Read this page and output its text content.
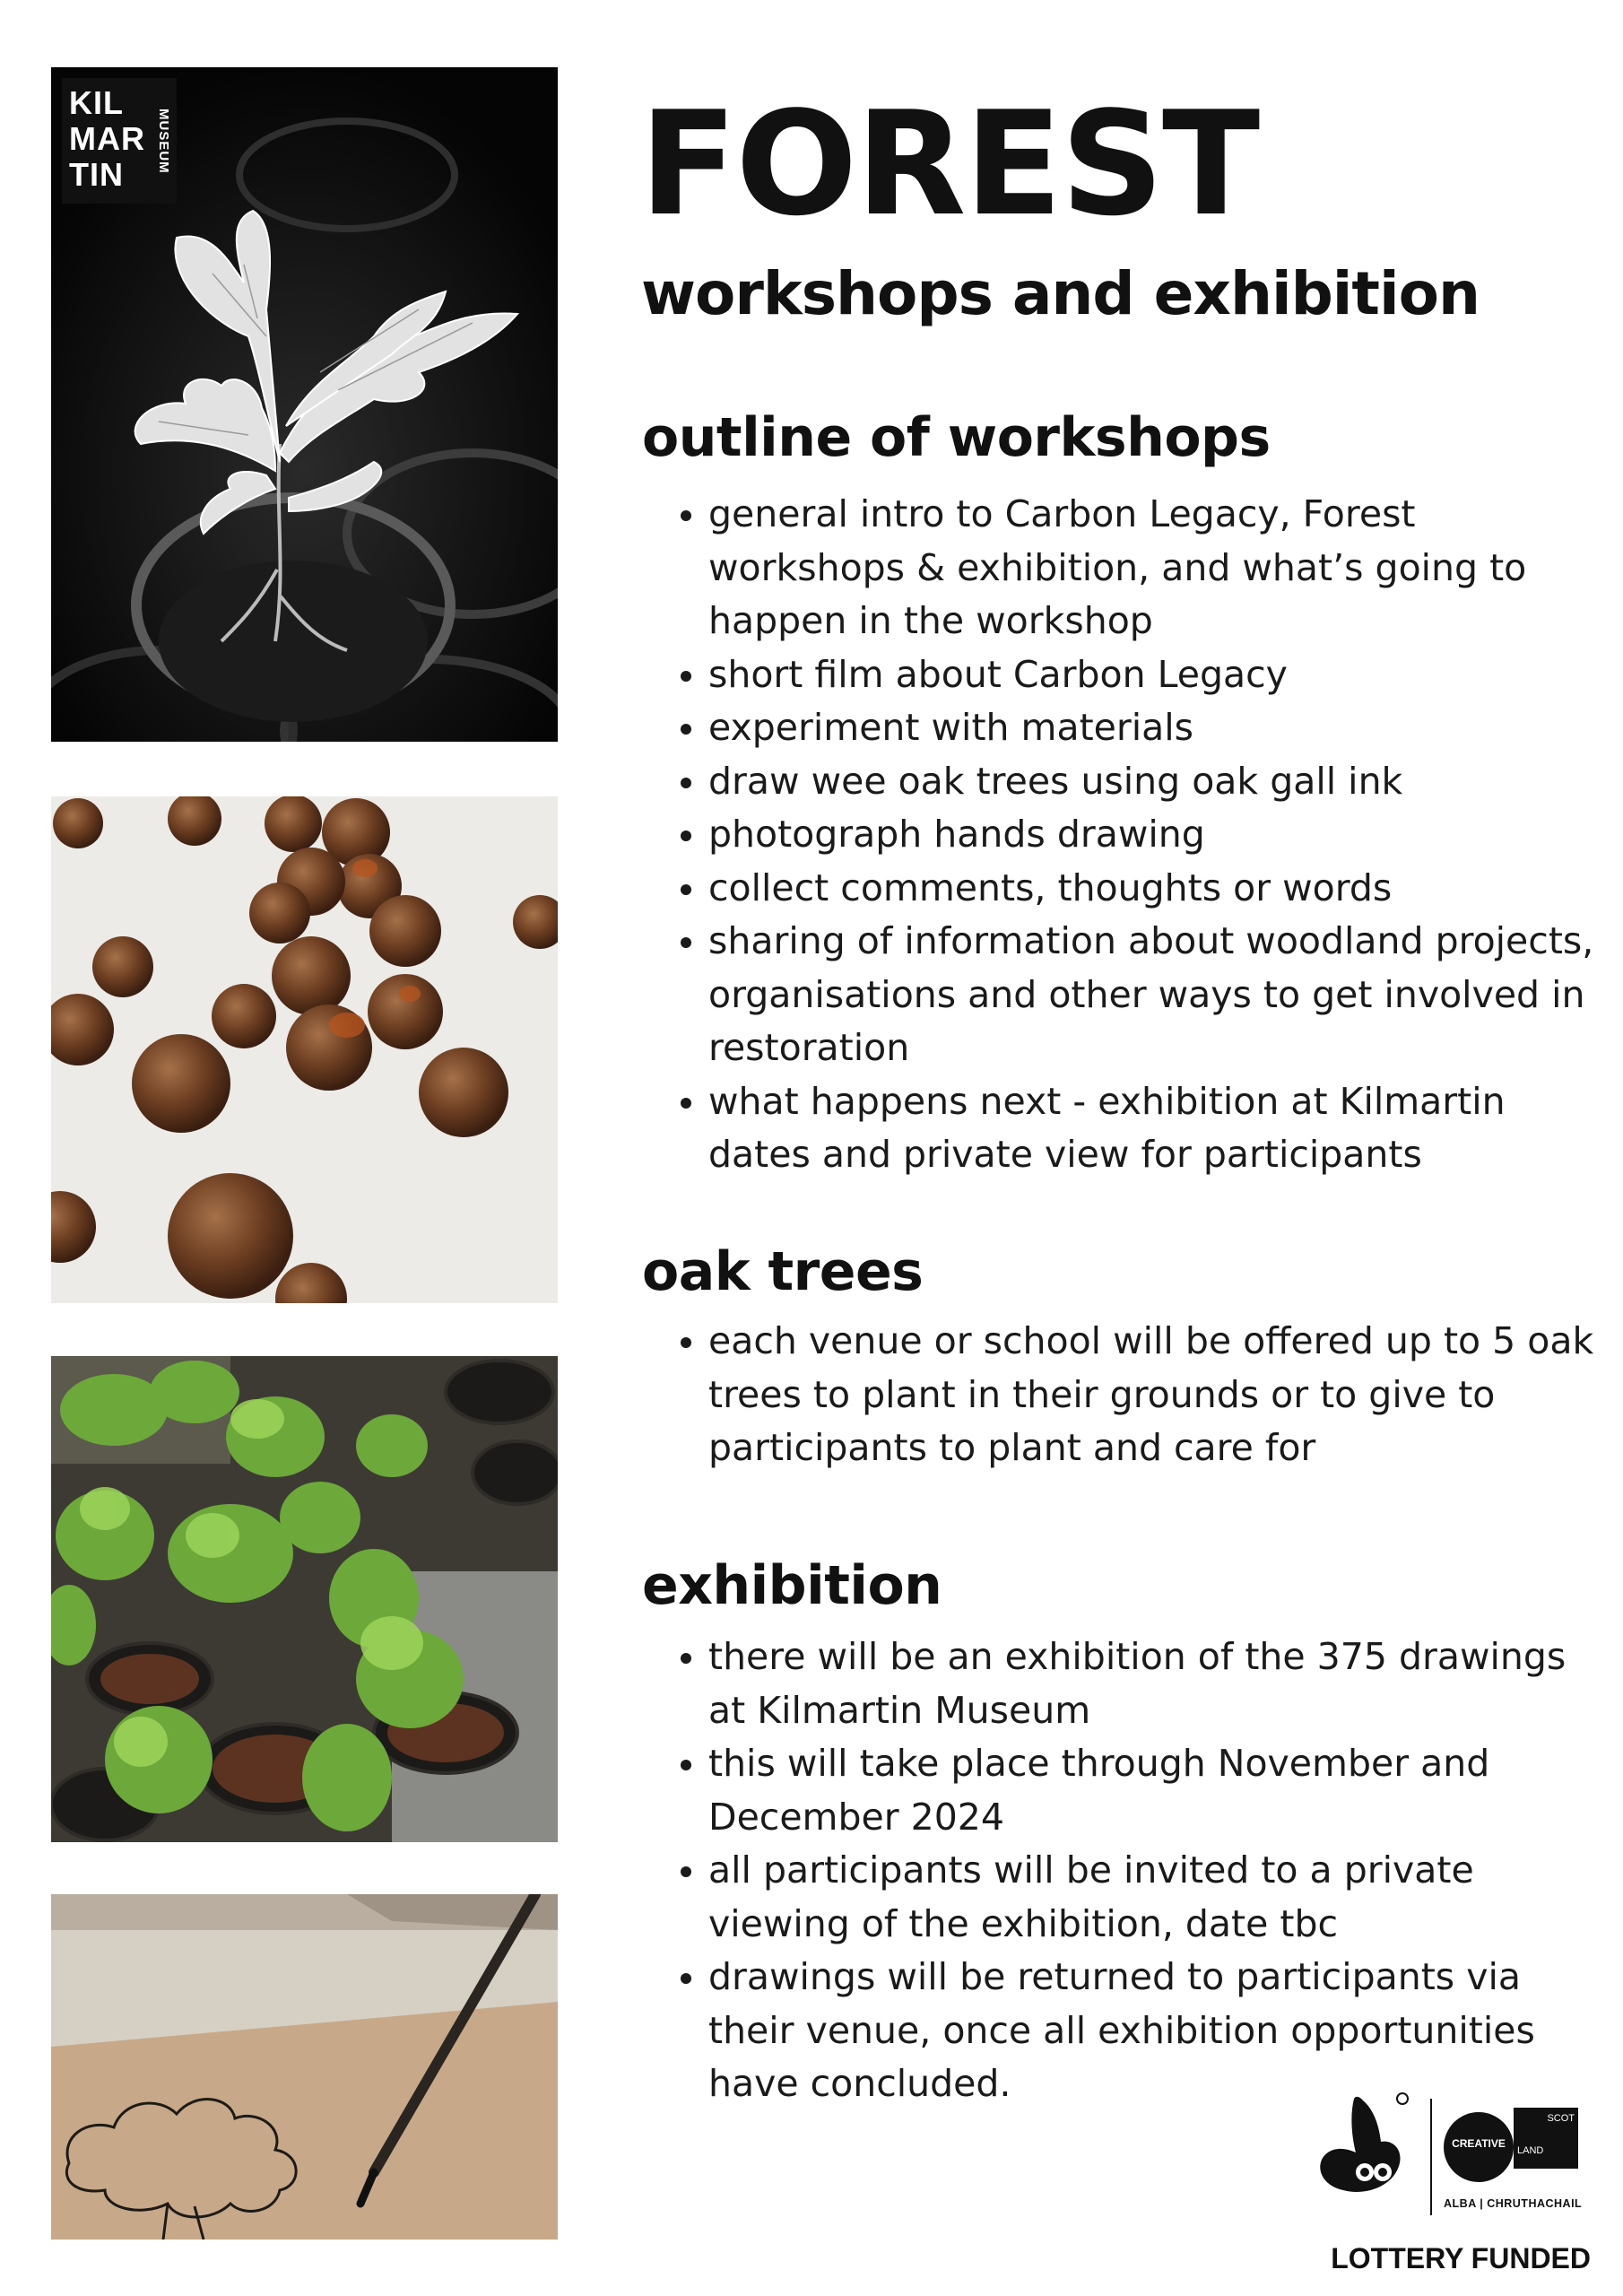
KIL
MAR
TIN
MUSEUM	FOREST
workshops and exhibition
outline of workshops
• general intro to Carbon Legacy, Forest workshops & exhibition, and what’s going to happen in the workshop
• short film about Carbon Legacy
• experiment with materials
• draw wee oak trees using oak gall ink
• photograph hands drawing
• collect comments, thoughts or words
• sharing of information about woodland projects, organisations and other ways to get involved in restoration
• what happens next - exhibition at Kilmartin dates and private view for participants
oak trees
• each venue or school will be offered up to 5 oak trees to plant in their grounds or to give to participants to plant and care for
exhibition
• there will be an exhibition of the 375 drawings at Kilmartin Museum
• this will take place through November and December 2024
• all participants will be invited to a private viewing of the exhibition, date tbc
• drawings will be returned to participants via their venue, once all exhibition opportunities have concluded.
CREATIVE
SCOT
LAND
ALBA | CHRUTHACHAIL
LOTTERY FUNDED
